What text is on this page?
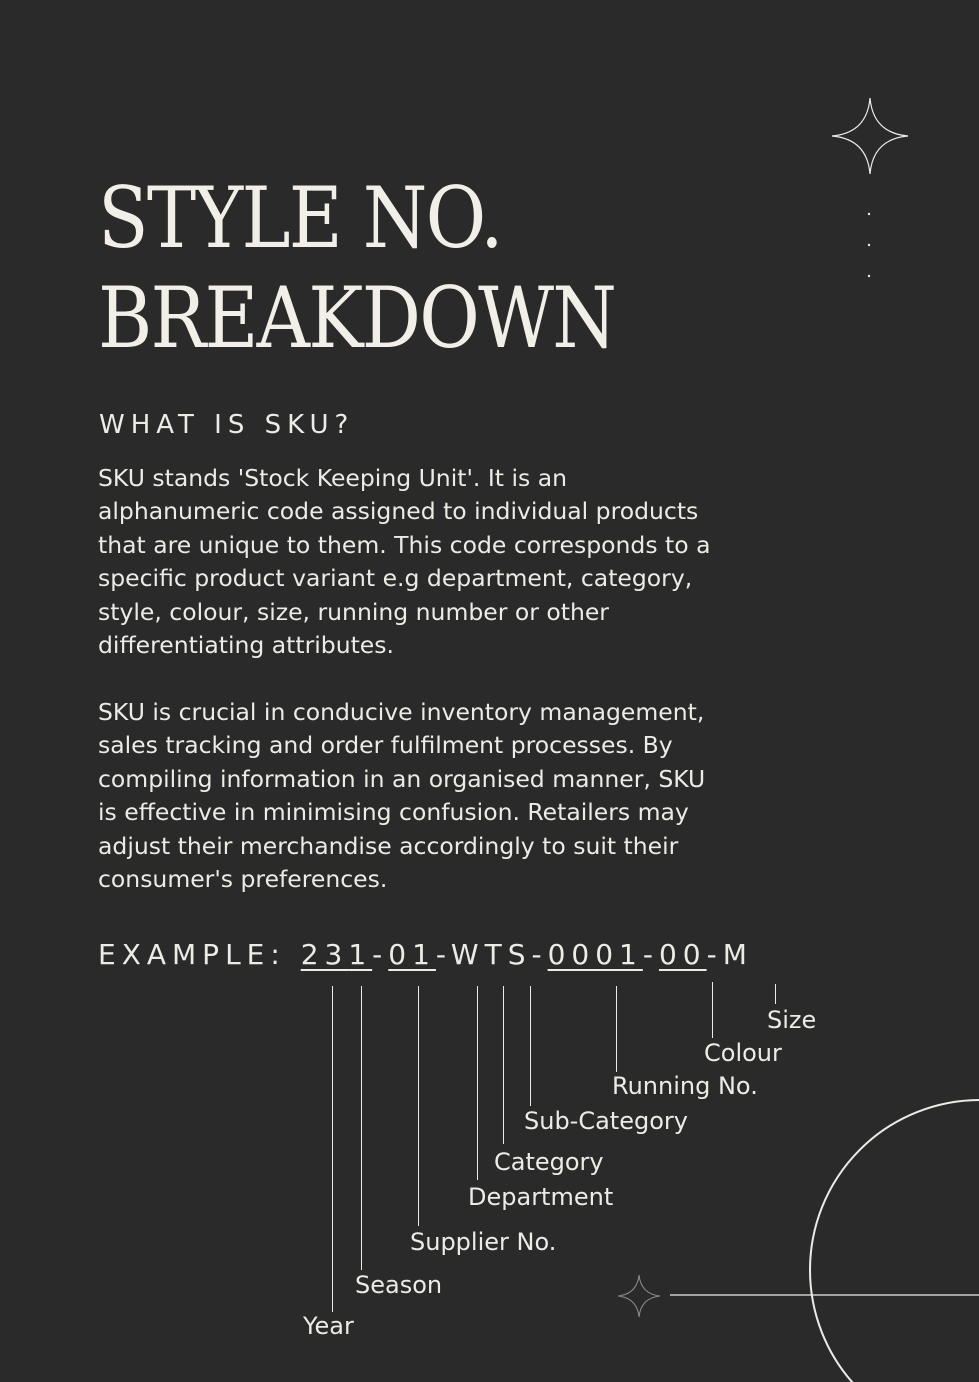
STYLE NO.
BREAKDOWN
WHAT IS SKU?

SKU stands 'Stock Keeping Unit'. It is an
alphanumeric code assigned to individual products
that are unique to them. This code corresponds to a
specific product variant e.g department, category,
style, colour, size, running number or other
differentiating attributes.

SKU is crucial in conducive inventory management,
sales tracking and order fulfilment processes. By
compiling information in an organised manner, SKU
is effective in minimising confusion. Retailers may
adjust their merchandise accordingly to suit their
consumer's preferences.

EXAMPLE: 231-01-WTS-0001-00-M
Size
Colour
Running No.
Sub-Category
Category
Department
Supplier No.
Season
Year
